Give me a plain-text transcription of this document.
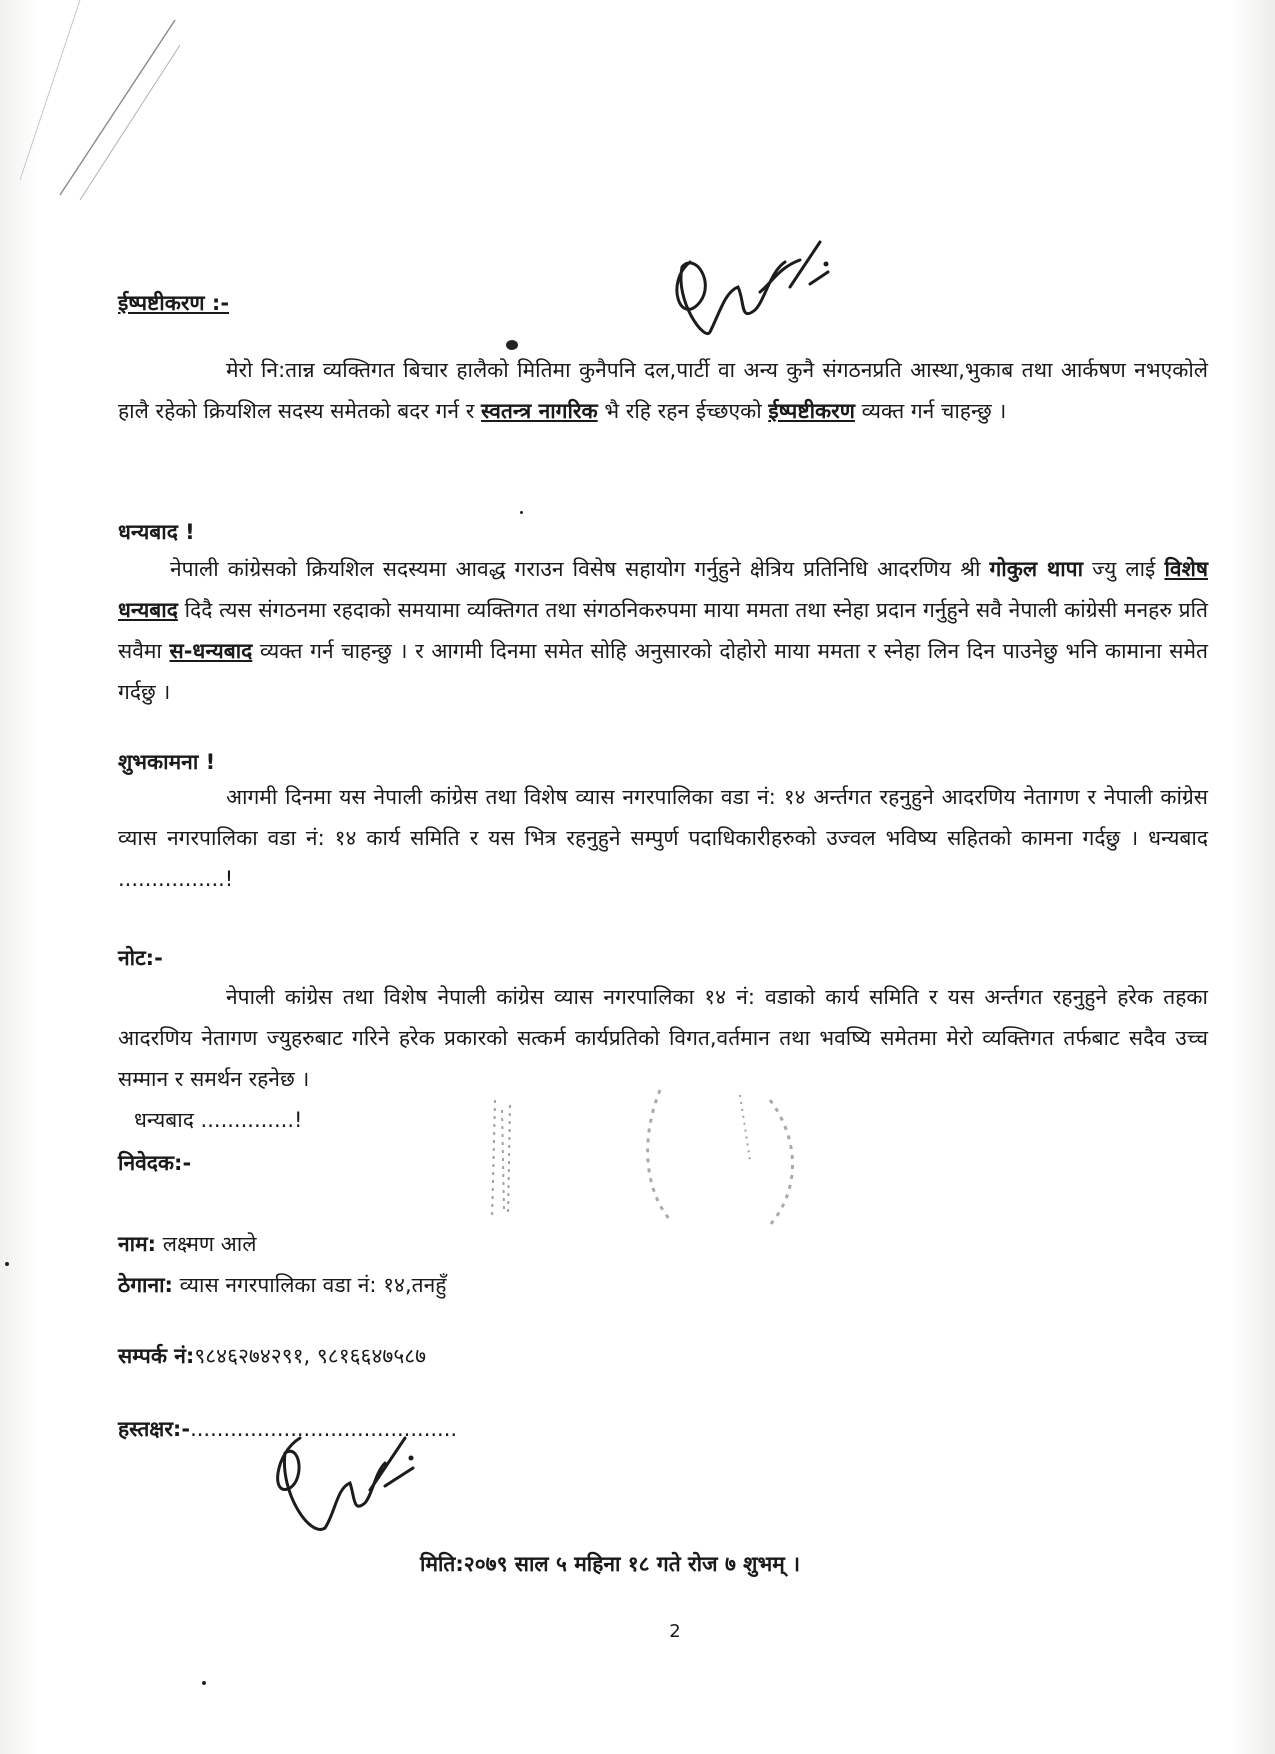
ईष्पष्टीकरण :-
मेरो नि:तान्न व्यक्तिगत बिचार हालैको मितिमा कुनैपनि दल,पार्टी वा अन्य कुनै संगठनप्रति आस्था,भुकाब तथा आर्कषण नभएकोले हालै रहेको क्रियशिल सदस्य समेतको बदर गर्न र स्वतन्त्र नागरिक भै रहि रहन ईच्छएको ईष्पष्टीकरण व्यक्त गर्न चाहन्छु ।
धन्यबाद !
नेपाली कांग्रेसको क्रियशिल सदस्यमा आवद्ध गराउन विसेष सहायोग गर्नुहुने क्षेत्रिय प्रतिनिधि आदरणिय श्री गोकुल थापा ज्यु लाई विशेष धन्यबाद दिदै त्यस संगठनमा रहदाको समयामा व्यक्तिगत तथा संगठनिकरुपमा माया ममता तथा स्नेहा प्रदान गर्नुहुने सवै नेपाली कांग्रेसी मनहरु प्रति सवैमा स-धन्यबाद व्यक्त गर्न चाहन्छु । र आगमी दिनमा समेत सोहि अनुसारको दोहोरो माया ममता र स्नेहा लिन दिन पाउनेछु भनि कामाना समेत गर्दछु ।
शुभकामना !
आगमी दिनमा यस नेपाली कांग्रेस तथा विशेष व्यास नगरपालिका वडा नं: १४ अर्न्तगत रहनुहुने आदरणिय नेतागण र नेपाली कांग्रेस व्यास नगरपालिका वडा नं: १४ कार्य समिति र यस भित्र रहनुहुने सम्पुर्ण पदाधिकारीहरुको उज्वल भविष्य सहितको कामना गर्दछु । धन्यबाद ................!
नोट:-
नेपाली कांग्रेस तथा विशेष नेपाली कांग्रेस व्यास नगरपालिका १४ नं: वडाको कार्य समिति र यस अर्न्तगत रहनुहुने हरेक तहका आदरणिय नेतागण ज्युहरुबाट गरिने हरेक प्रकारको सत्कर्म कार्यप्रतिको विगत,वर्तमान तथा भवष्यि समेतमा मेरो व्यक्तिगत तर्फबाट सदैव उच्च सम्मान र समर्थन रहनेछ ।
धन्यबाद ..............!
निवेदक:-
नाम: लक्ष्मण आले
ठेगाना: व्यास नगरपालिका वडा नं: १४,तनहुँ
सम्पर्क नं:९८४६२७४२९१, ९८१६६४७५८७
हस्तक्षर:-........................................
मिति:२०७९ साल ५ महिना १८ गते रोज ७ शुभम् ।
2
